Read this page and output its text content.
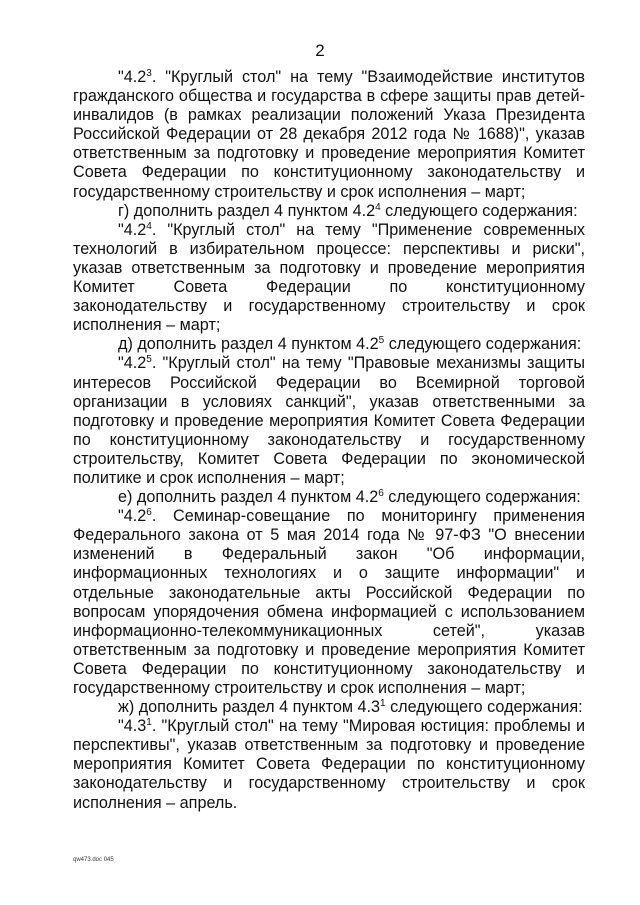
2

"$4.2^3$. "Круглый стол" на тему "Взаимодействие институтов гражданского общества и государства в сфере защиты прав детей-инвалидов (в рамках реализации положений Указа Президента Российской Федерации от 28 декабря 2012 года № 1688)", указав ответственным за подготовку и проведение мероприятия Комитет Совета Федерации по конституционному законодательству и государственному строительству и срок исполнения – март;

г) дополнить раздел 4 пунктом $4.2^4$ следующего содержания:

"$4.2^4$. "Круглый стол" на тему "Применение современных технологий в избирательном процессе: перспективы и риски", указав ответственным за подготовку и проведение мероприятия Комитет Совета Федерации по конституционному законодательству и государственному строительству и срок исполнения – март;

д) дополнить раздел 4 пунктом $4.2^5$ следующего содержания:

"$4.2^5$. "Круглый стол" на тему "Правовые механизмы защиты интересов Российской Федерации во Всемирной торговой организации в условиях санкций", указав ответственными за подготовку и проведение мероприятия Комитет Совета Федерации по конституционному законодательству и государственному строительству, Комитет Совета Федерации по экономической политике и срок исполнения – март;

е) дополнить раздел 4 пунктом $4.2^6$ следующего содержания:

"$4.2^6$. Семинар-совещание по мониторингу применения Федерального закона от 5 мая 2014 года № 97-ФЗ "О внесении изменений в Федеральный закон "Об информации, информационных технологиях и о защите информации" и отдельные законодательные акты Российской Федерации по вопросам упорядочения обмена информацией с использованием информационно-телекоммуникационных сетей", указав ответственным за подготовку и проведение мероприятия Комитет Совета Федерации по конституционному законодательству и государственному строительству и срок исполнения – март;

ж) дополнить раздел 4 пунктом $4.3^1$ следующего содержания:

"$4.3^1$. "Круглый стол" на тему "Мировая юстиция: проблемы и перспективы", указав ответственным за подготовку и проведение мероприятия Комитет Совета Федерации по конституционному законодательству и государственному строительству и срок исполнения – апрель.

qw473.doc 045
